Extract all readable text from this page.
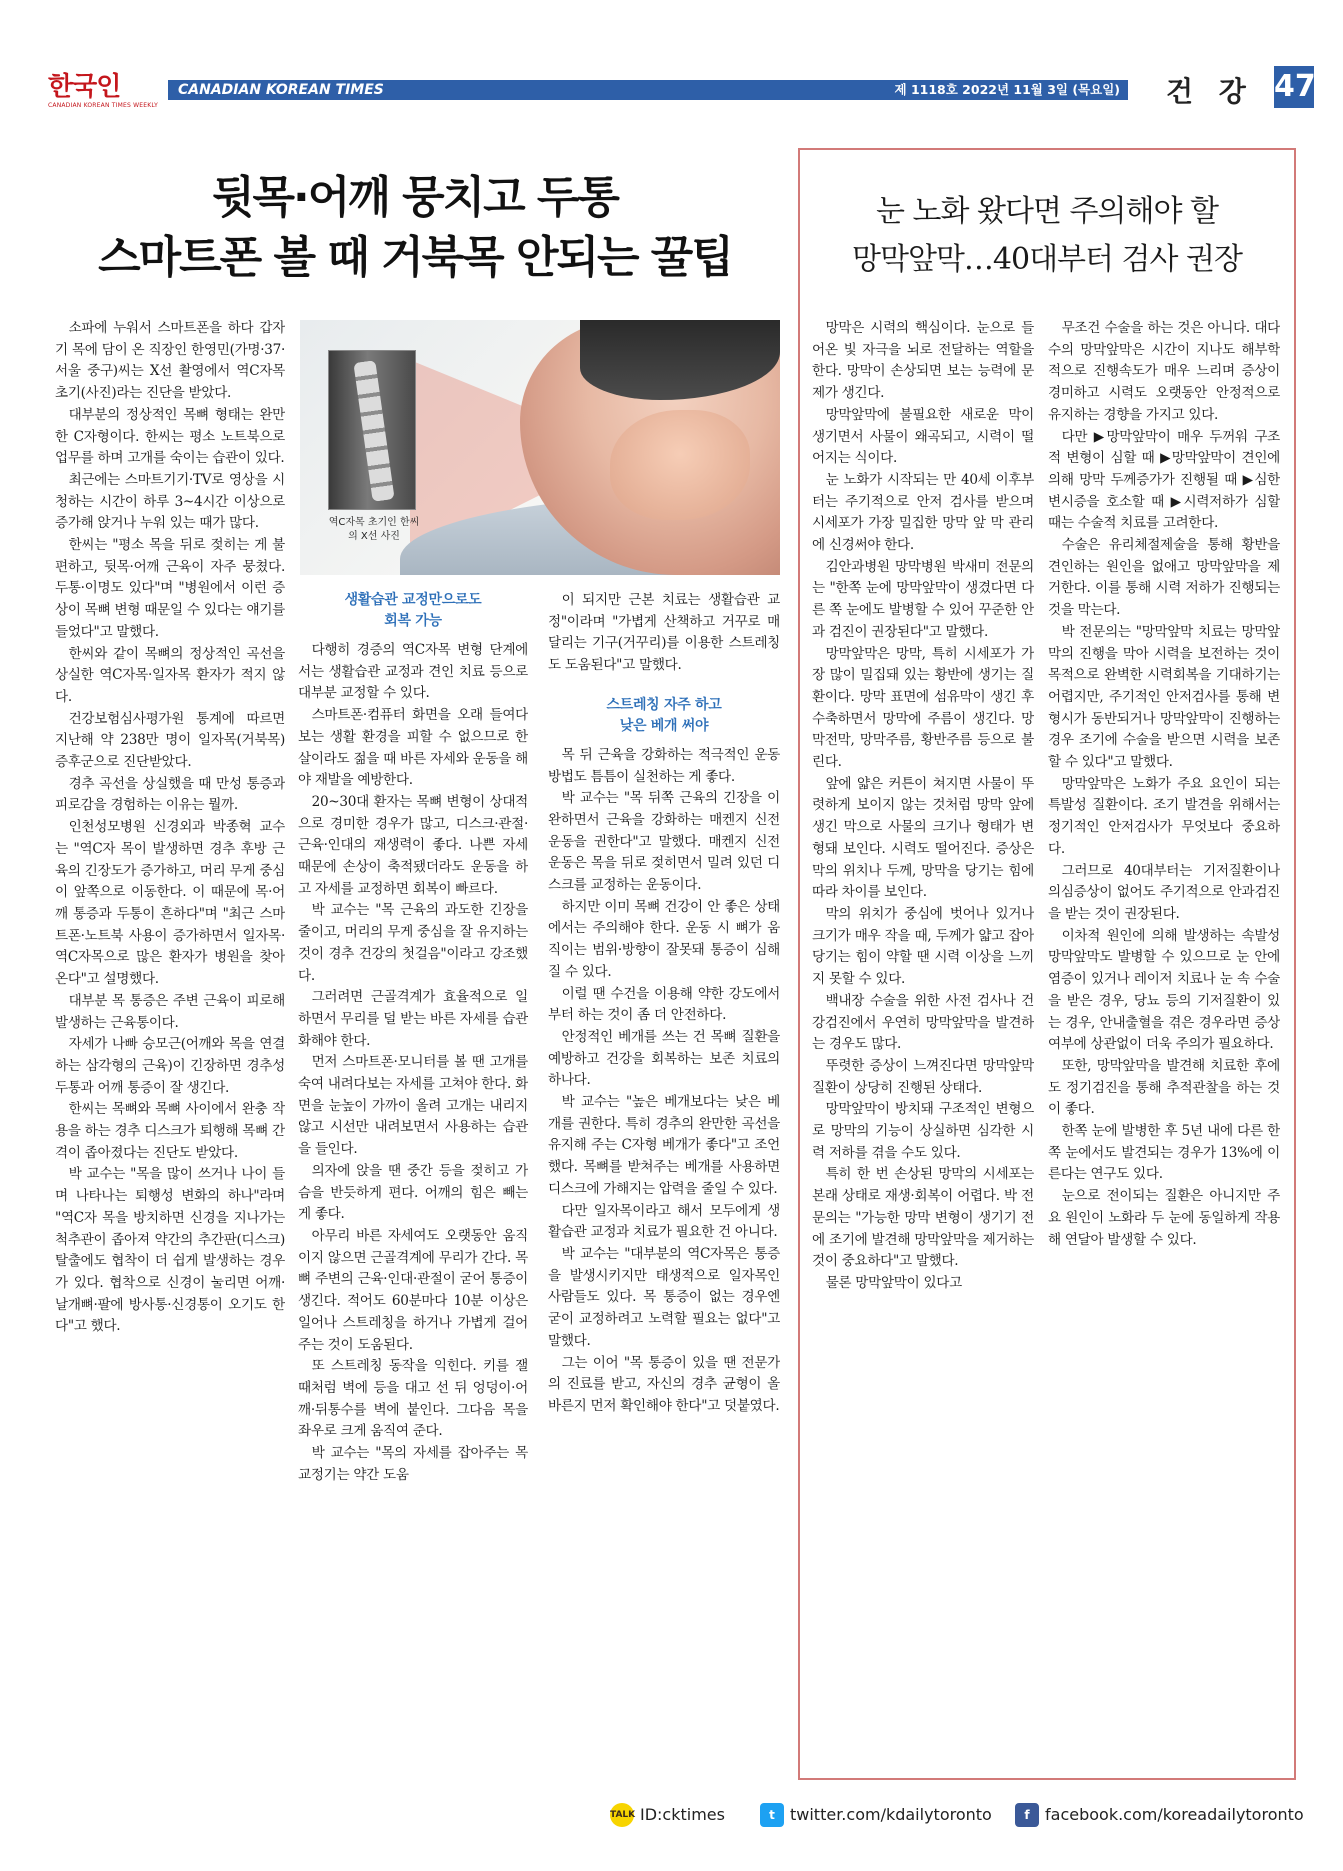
한국인
CANADIAN KOREAN TIMES WEEKLY
CANADIAN KOREAN TIMES	제 1118호 2022년 11월 3일 (목요일) 건 강 47
뒷목·어깨 뭉치고 두통
스마트폰 볼 때 거북목 안되는 꿀팁
역C자목 초기인 한씨의 X선 사진

소파에 누워서 스마트폰을 하다 갑자기 목에 담이 온 직장인 한영민(가명·37·서울 중구)씨는 X선 촬영에서 역C자목 초기(사진)라는 진단을 받았다.

대부분의 정상적인 목뼈 형태는 완만한 C자형이다. 한씨는 평소 노트북으로 업무를 하며 고개를 숙이는 습관이 있다.

최근에는 스마트기기·TV로 영상을 시청하는 시간이 하루 3~4시간 이상으로 증가해 앉거나 누워 있는 때가 많다.

한씨는 "평소 목을 뒤로 젖히는 게 불편하고, 뒷목·어깨 근육이 자주 뭉쳤다. 두통·이명도 있다"며 "병원에서 이런 증상이 목뼈 변형 때문일 수 있다는 얘기를 들었다"고 말했다.

한씨와 같이 목뼈의 정상적인 곡선을 상실한 역C자목·일자목 환자가 적지 않다.

건강보험심사평가원 통계에 따르면 지난해 약 238만 명이 일자목(거북목)증후군으로 진단받았다.

경추 곡선을 상실했을 때 만성 통증과 피로감을 경험하는 이유는 뭘까.

인천성모병원 신경외과 박종혁 교수는 "역C자 목이 발생하면 경추 후방 근육의 긴장도가 증가하고, 머리 무게 중심이 앞쪽으로 이동한다. 이 때문에 목·어깨 통증과 두통이 흔하다"며 "최근 스마트폰·노트북 사용이 증가하면서 일자목·역C자목으로 많은 환자가 병원을 찾아온다"고 설명했다.

대부분 목 통증은 주변 근육이 피로해 발생하는 근육통이다.

자세가 나빠 승모근(어깨와 목을 연결하는 삼각형의 근육)이 긴장하면 경추성 두통과 어깨 통증이 잘 생긴다.

한씨는 목뼈와 목뼈 사이에서 완충 작용을 하는 경추 디스크가 퇴행해 목뼈 간격이 좁아졌다는 진단도 받았다.

박 교수는 "목을 많이 쓰거나 나이 들며 나타나는 퇴행성 변화의 하나"라며 "역C자 목을 방치하면 신경을 지나가는 척추관이 좁아져 약간의 추간판(디스크) 탈출에도 협착이 더 쉽게 발생하는 경우가 있다. 협착으로 신경이 눌리면 어깨·날개뼈·팔에 방사통·신경통이 오기도 한다"고 했다.

생활습관 교정만으로도
회복 가능

다행히 경증의 역C자목 변형 단계에서는 생활습관 교정과 견인 치료 등으로 대부분 교정할 수 있다.

스마트폰·컴퓨터 화면을 오래 들여다보는 생활 환경을 피할 수 없으므로 한 살이라도 젊을 때 바른 자세와 운동을 해야 재발을 예방한다.

20~30대 환자는 목뼈 변형이 상대적으로 경미한 경우가 많고, 디스크·관절·근육·인대의 재생력이 좋다. 나쁜 자세 때문에 손상이 축적됐더라도 운동을 하고 자세를 교정하면 회복이 빠르다.

박 교수는 "목 근육의 과도한 긴장을 줄이고, 머리의 무게 중심을 잘 유지하는 것이 경추 건강의 첫걸음"이라고 강조했다.

그러려면 근골격계가 효율적으로 일하면서 무리를 덜 받는 바른 자세를 습관화해야 한다.

먼저 스마트폰·모니터를 볼 땐 고개를 숙여 내려다보는 자세를 고쳐야 한다. 화면을 눈높이 가까이 올려 고개는 내리지 않고 시선만 내려보면서 사용하는 습관을 들인다.

의자에 앉을 땐 중간 등을 젖히고 가슴을 반듯하게 편다. 어깨의 힘은 빼는 게 좋다.

아무리 바른 자세여도 오랫동안 움직이지 않으면 근골격계에 무리가 간다. 목뼈 주변의 근육·인대·관절이 굳어 통증이 생긴다. 적어도 60분마다 10분 이상은 일어나 스트레칭을 하거나 가볍게 걸어주는 것이 도움된다.

또 스트레칭 동작을 익힌다. 키를 잴 때처럼 벽에 등을 대고 선 뒤 엉덩이·어깨·뒤통수를 벽에 붙인다. 그다음 목을 좌우로 크게 움직여 준다.

박 교수는 "목의 자세를 잡아주는 목 교정기는 약간 도움

이 되지만 근본 치료는 생활습관 교정"이라며 "가볍게 산책하고 거꾸로 매달리는 기구(거꾸리)를 이용한 스트레칭도 도움된다"고 말했다.

스트레칭 자주 하고
낮은 베개 써야

목 뒤 근육을 강화하는 적극적인 운동 방법도 틈틈이 실천하는 게 좋다.

박 교수는 "목 뒤쪽 근육의 긴장을 이완하면서 근육을 강화하는 매켄지 신전 운동을 권한다"고 말했다. 매켄지 신전 운동은 목을 뒤로 젖히면서 밀려 있던 디스크를 교정하는 운동이다.

하지만 이미 목뼈 건강이 안 좋은 상태에서는 주의해야 한다. 운동 시 뼈가 움직이는 범위·방향이 잘못돼 통증이 심해질 수 있다.

이럴 땐 수건을 이용해 약한 강도에서부터 하는 것이 좀 더 안전하다.

안정적인 베개를 쓰는 건 목뼈 질환을 예방하고 건강을 회복하는 보존 치료의 하나다.

박 교수는 "높은 베개보다는 낮은 베개를 권한다. 특히 경추의 완만한 곡선을 유지해 주는 C자형 베개가 좋다"고 조언했다. 목뼈를 받쳐주는 베개를 사용하면 디스크에 가해지는 압력을 줄일 수 있다.

다만 일자목이라고 해서 모두에게 생활습관 교정과 치료가 필요한 건 아니다.

박 교수는 "대부분의 역C자목은 통증을 발생시키지만 태생적으로 일자목인 사람들도 있다. 목 통증이 없는 경우엔 굳이 교정하려고 노력할 필요는 없다"고 말했다.

그는 이어 "목 통증이 있을 땐 전문가의 진료를 받고, 자신의 경추 균형이 올바른지 먼저 확인해야 한다"고 덧붙였다.

눈 노화 왔다면 주의해야 할
망막앞막…40대부터 검사 권장

망막은 시력의 핵심이다. 눈으로 들어온 빛 자극을 뇌로 전달하는 역할을 한다. 망막이 손상되면 보는 능력에 문제가 생긴다.

망막앞막에 불필요한 새로운 막이 생기면서 사물이 왜곡되고, 시력이 떨어지는 식이다.

눈 노화가 시작되는 만 40세 이후부터는 주기적으로 안저 검사를 받으며 시세포가 가장 밀집한 망막 앞 막 관리에 신경써야 한다.

김안과병원 망막병원 박새미 전문의는 "한쪽 눈에 망막앞막이 생겼다면 다른 쪽 눈에도 발병할 수 있어 꾸준한 안과 검진이 권장된다"고 말했다.

망막앞막은 망막, 특히 시세포가 가장 많이 밀집돼 있는 황반에 생기는 질환이다. 망막 표면에 섬유막이 생긴 후 수축하면서 망막에 주름이 생긴다. 망막전막, 망막주름, 황반주름 등으로 불린다.

앞에 얇은 커튼이 쳐지면 사물이 뚜렷하게 보이지 않는 것처럼 망막 앞에 생긴 막으로 사물의 크기나 형태가 변형돼 보인다. 시력도 떨어진다. 증상은 막의 위치나 두께, 망막을 당기는 힘에 따라 차이를 보인다.

막의 위치가 중심에 벗어나 있거나 크기가 매우 작을 때, 두께가 얇고 잡아당기는 힘이 약할 땐 시력 이상을 느끼지 못할 수 있다.

백내장 수술을 위한 사전 검사나 건강검진에서 우연히 망막앞막을 발견하는 경우도 많다.

뚜렷한 증상이 느껴진다면 망막앞막 질환이 상당히 진행된 상태다.

망막앞막이 방치돼 구조적인 변형으로 망막의 기능이 상실하면 심각한 시력 저하를 겪을 수도 있다.

특히 한 번 손상된 망막의 시세포는 본래 상태로 재생·회복이 어렵다. 박 전문의는 "가능한 망막 변형이 생기기 전에 조기에 발견해 망막앞막을 제거하는 것이 중요하다"고 말했다.

물론 망막앞막이 있다고

무조건 수술을 하는 것은 아니다. 대다수의 망막앞막은 시간이 지나도 해부학적으로 진행속도가 매우 느리며 증상이 경미하고 시력도 오랫동안 안정적으로 유지하는 경향을 가지고 있다.

다만 ▶망막앞막이 매우 두꺼워 구조적 변형이 심할 때 ▶망막앞막이 견인에 의해 망막 두께증가가 진행될 때 ▶심한 변시증을 호소할 때 ▶시력저하가 심할 때는 수술적 치료를 고려한다.

수술은 유리체절제술을 통해 황반을 견인하는 원인을 없애고 망막앞막을 제거한다. 이를 통해 시력 저하가 진행되는 것을 막는다.

박 전문의는 "망막앞막 치료는 망막앞막의 진행을 막아 시력을 보전하는 것이 목적으로 완벽한 시력회복을 기대하기는 어렵지만, 주기적인 안저검사를 통해 변형시가 동반되거나 망막앞막이 진행하는 경우 조기에 수술을 받으면 시력을 보존할 수 있다"고 말했다.

망막앞막은 노화가 주요 요인이 되는 특발성 질환이다. 조기 발견을 위해서는 정기적인 안저검사가 무엇보다 중요하다.

그러므로 40대부터는 기저질환이나 의심증상이 없어도 주기적으로 안과검진을 받는 것이 권장된다.

이차적 원인에 의해 발생하는 속발성 망막앞막도 발병할 수 있으므로 눈 안에 염증이 있거나 레이저 치료나 눈 속 수술을 받은 경우, 당뇨 등의 기저질환이 있는 경우, 안내출혈을 겪은 경우라면 증상 여부에 상관없이 더욱 주의가 필요하다.

또한, 망막앞막을 발견해 치료한 후에도 정기검진을 통해 추적관찰을 하는 것이 좋다.

한쪽 눈에 발병한 후 5년 내에 다른 한쪽 눈에서도 발견되는 경우가 13%에 이른다는 연구도 있다.

눈으로 전이되는 질환은 아니지만 주요 원인이 노화라 두 눈에 동일하게 작용해 연달아 발생할 수 있다.

TALK ID:cktimes	t twitter.com/kdailytoronto	f facebook.com/koreadailytoronto
